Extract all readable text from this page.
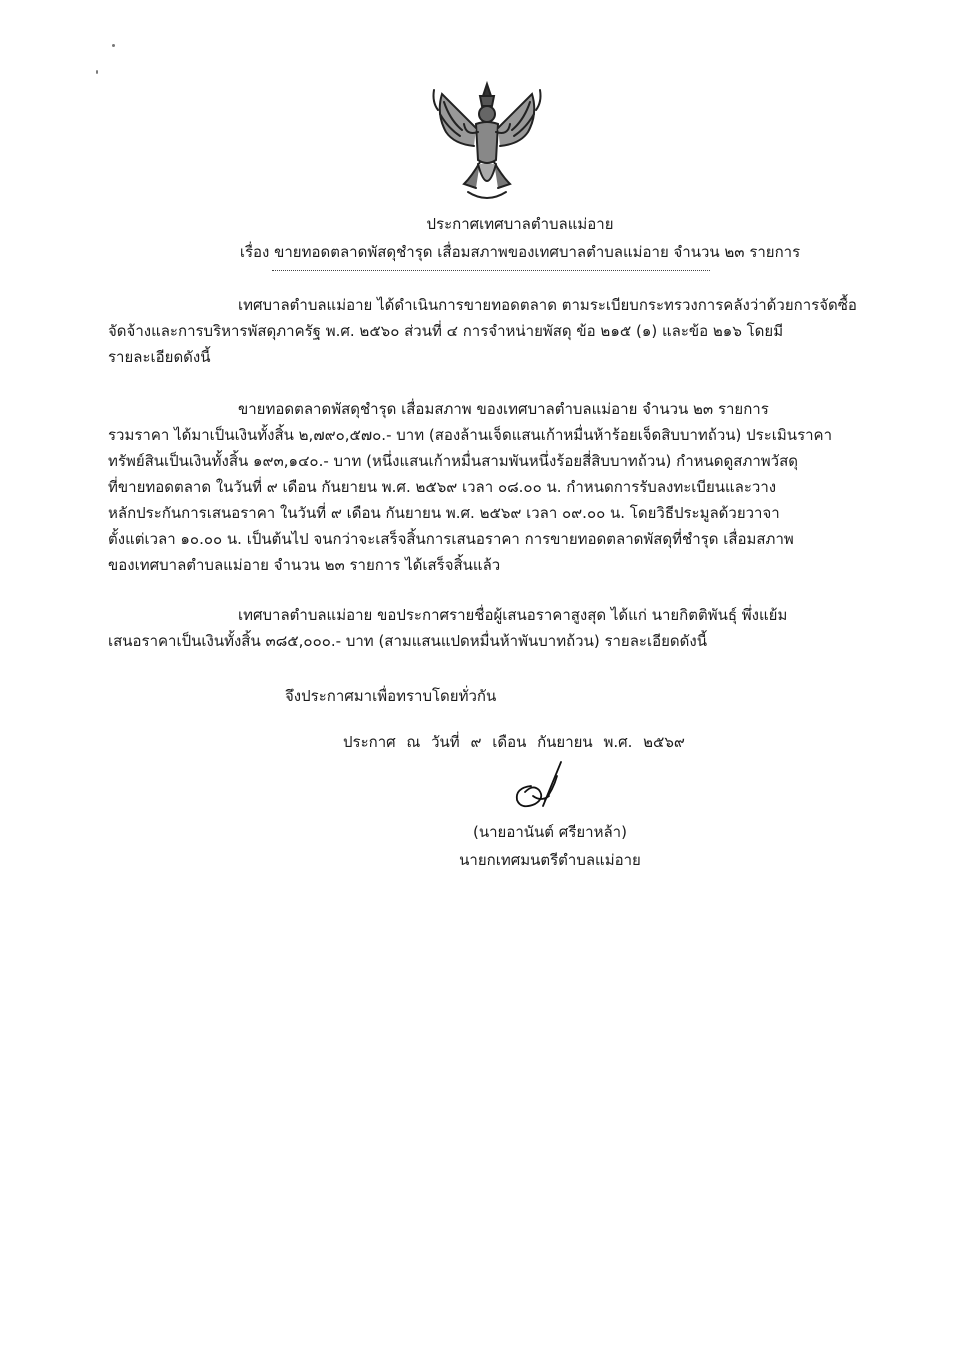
ประกาศเทศบาลตำบลแม่อาย
เรื่อง ขายทอดตลาดพัสดุชำรุด เสื่อมสภาพของเทศบาลตำบลแม่อาย จำนวน ๒๓ รายการ
เทศบาลตำบลแม่อาย ได้ดำเนินการขายทอดตลาด ตามระเบียบกระทรวงการคลังว่าด้วยการจัดซื้อ
จัดจ้างและการบริหารพัสดุภาครัฐ พ.ศ. ๒๕๖๐ ส่วนที่ ๔ การจำหน่ายพัสดุ ข้อ ๒๑๕ (๑) และข้อ ๒๑๖ โดยมี
รายละเอียดดังนี้
ขายทอดตลาดพัสดุชำรุด เสื่อมสภาพ ของเทศบาลตำบลแม่อาย จำนวน ๒๓ รายการ
รวมราคา ได้มาเป็นเงินทั้งสิ้น ๒,๗๙๐,๕๗๐.- บาท (สองล้านเจ็ดแสนเก้าหมื่นห้าร้อยเจ็ดสิบบาทถ้วน) ประเมินราคา
ทรัพย์สินเป็นเงินทั้งสิ้น ๑๙๓,๑๔๐.- บาท (หนึ่งแสนเก้าหมื่นสามพันหนึ่งร้อยสี่สิบบาทถ้วน) กำหนดดูสภาพวัสดุ
ที่ขายทอดตลาด ในวันที่ ๙ เดือน กันยายน พ.ศ. ๒๕๖๙ เวลา ๐๘.๐๐ น. กำหนดการรับลงทะเบียนและวาง
หลักประกันการเสนอราคา ในวันที่ ๙ เดือน กันยายน พ.ศ. ๒๕๖๙ เวลา ๐๙.๐๐ น. โดยวิธีประมูลด้วยวาจา
ตั้งแต่เวลา ๑๐.๐๐ น. เป็นต้นไป จนกว่าจะเสร็จสิ้นการเสนอราคา การขายทอดตลาดพัสดุที่ชำรุด เสื่อมสภาพ
ของเทศบาลตำบลแม่อาย จำนวน ๒๓ รายการ ได้เสร็จสิ้นแล้ว
เทศบาลตำบลแม่อาย ขอประกาศรายชื่อผู้เสนอราคาสูงสุด ได้แก่ นายกิตติพันธุ์ พึ่งแย้ม
เสนอราคาเป็นเงินทั้งสิ้น ๓๘๕,๐๐๐.- บาท (สามแสนแปดหมื่นห้าพันบาทถ้วน) รายละเอียดดังนี้
จึงประกาศมาเพื่อทราบโดยทั่วกัน
ประกาศ ณ วันที่ ๙ เดือน กันยายน พ.ศ. ๒๕๖๙
(นายอานันต์ ศรียาหล้า)
นายกเทศมนตรีตำบลแม่อาย
